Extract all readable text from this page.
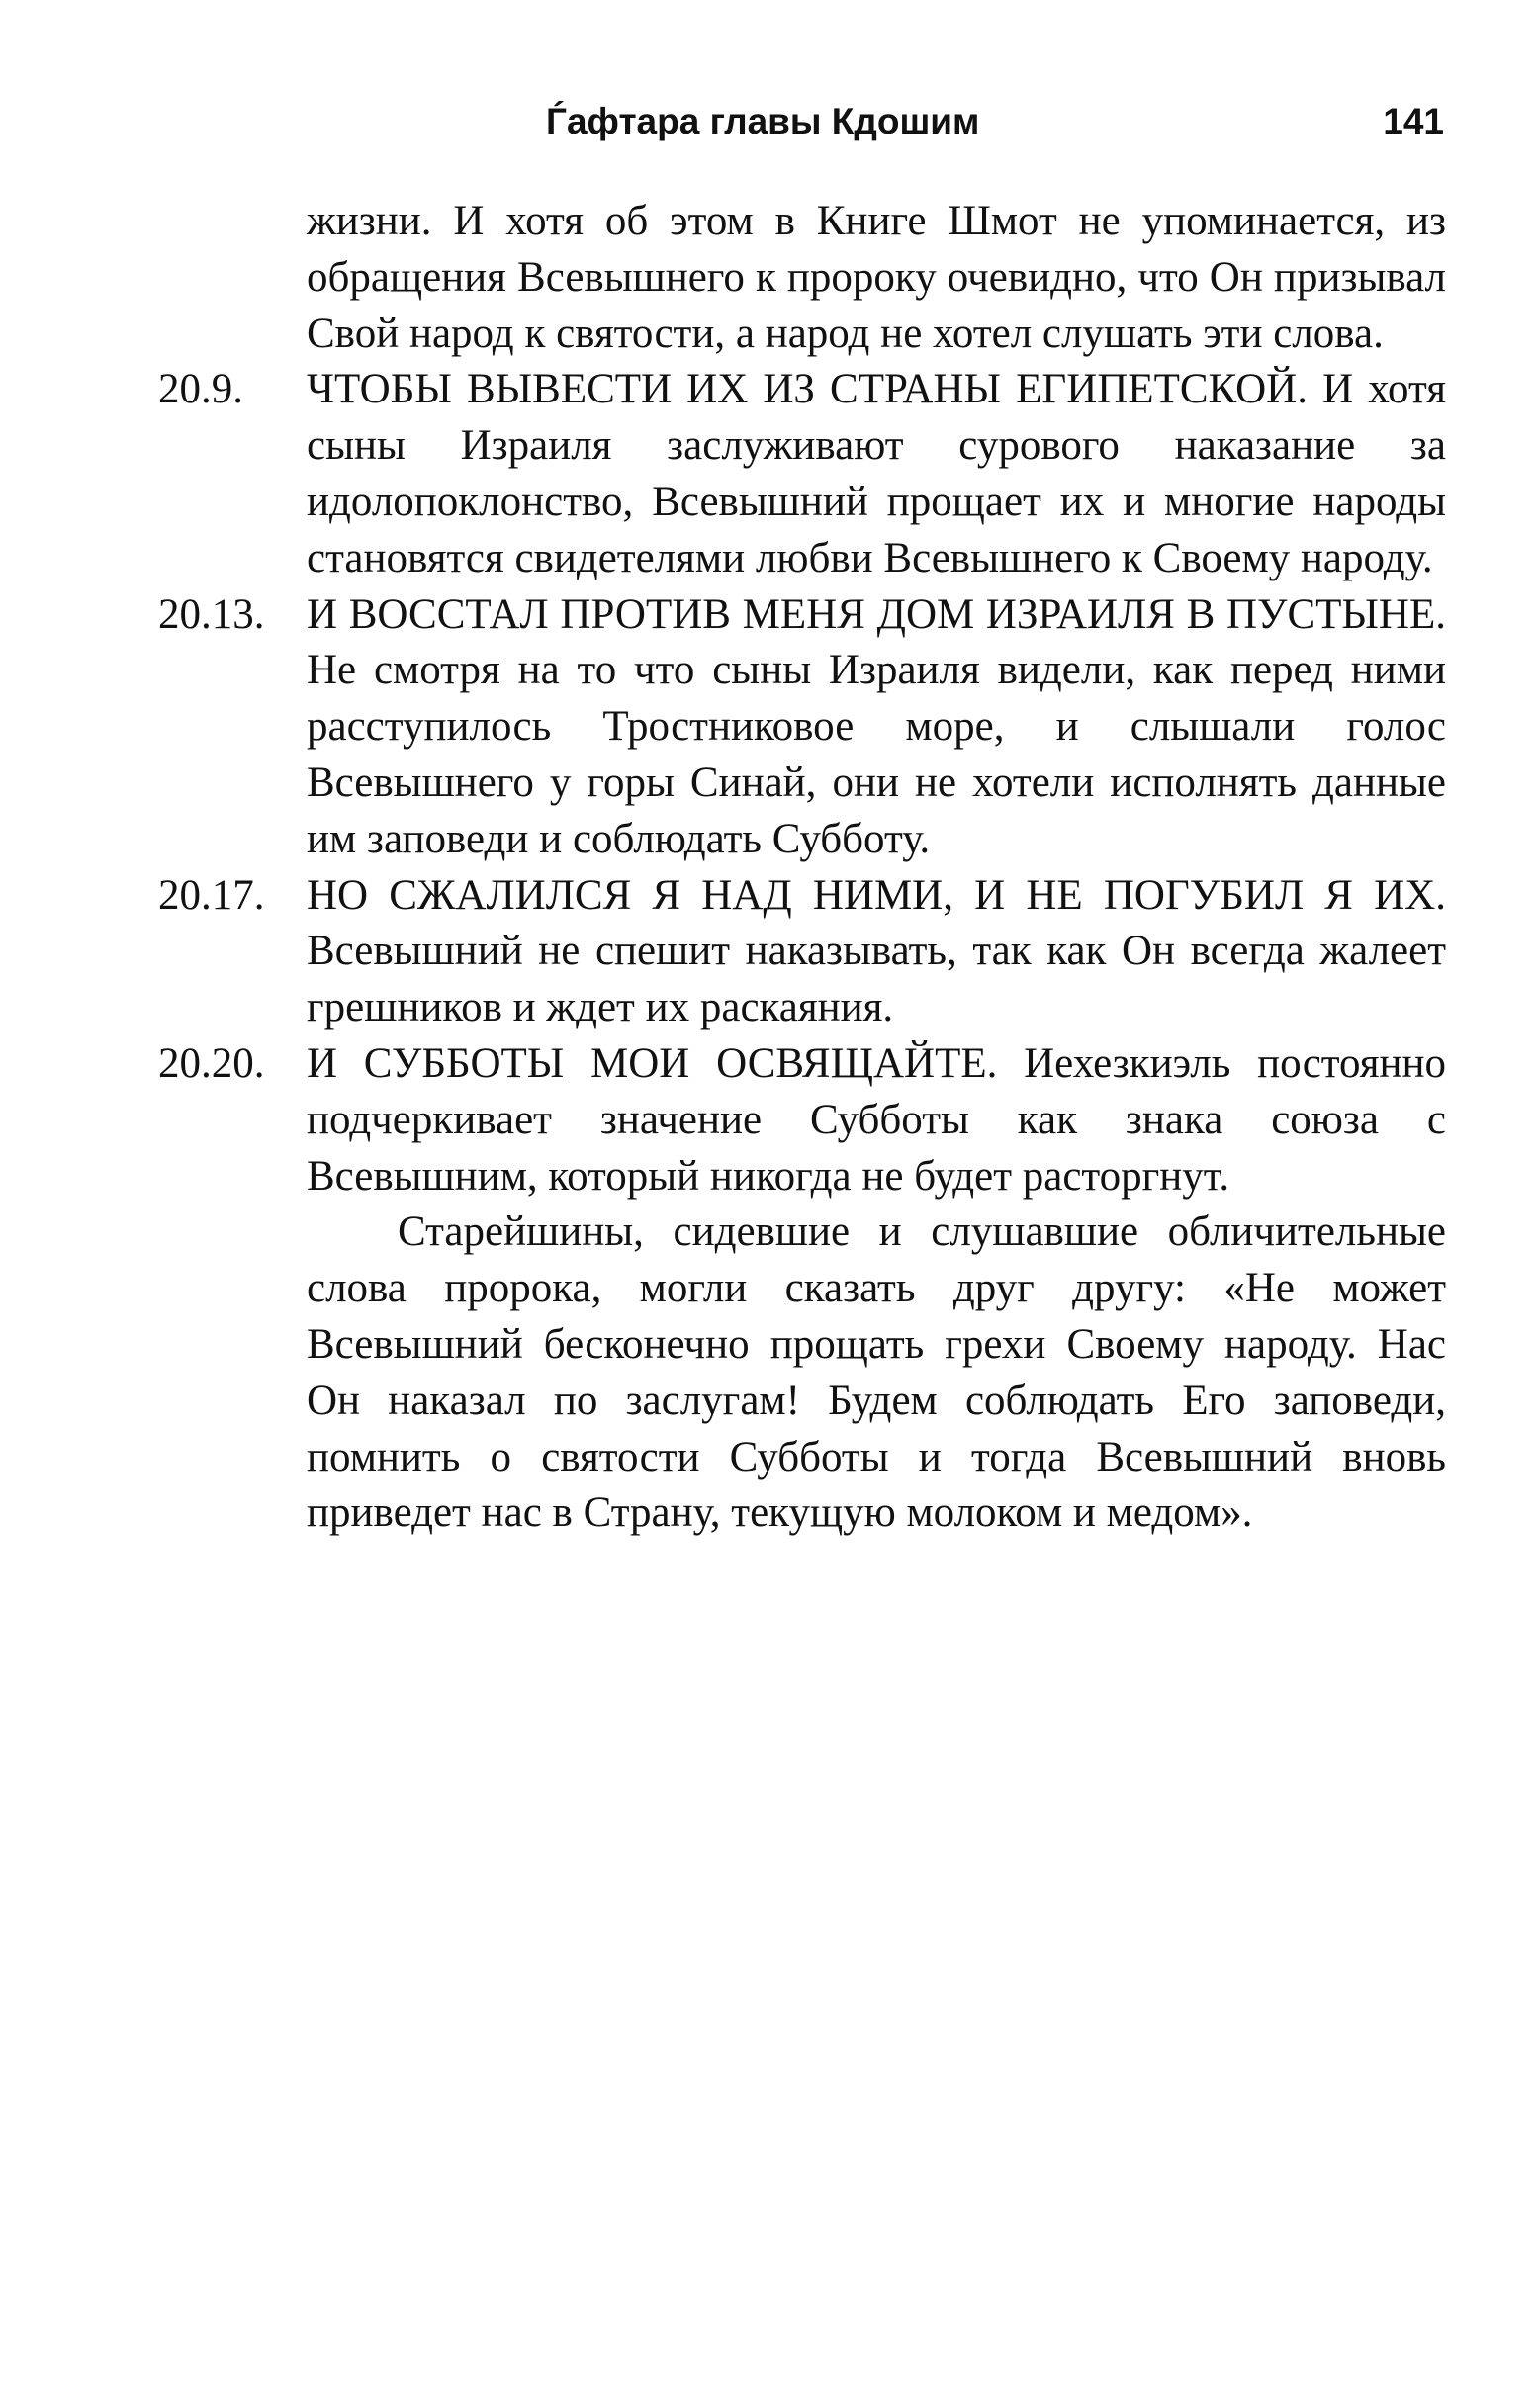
Ѓафтара главы Кдошим	141
жизни. И хотя об этом в Книге Шмот не упоминается, из обращения Всевышнего к пророку очевидно, что Он призывал Свой народ к святости, а народ не хотел слушать эти слова.
20.9.	ЧТОБЫ ВЫВЕСТИ ИХ ИЗ СТРАНЫ ЕГИПЕТСКОЙ. И хотя сыны Израиля заслуживают сурового наказание за идолопоклонство, Всевышний прощает их и многие народы становятся свидетелями любви Всевышнего к Своему народу.
20.13. И ВОССТАЛ ПРОТИВ МЕНЯ ДОМ ИЗРАИЛЯ В ПУСТЫНЕ. Не смотря на то что сыны Израиля видели, как перед ними расступилось Тростниковое море, и слышали голос Всевышнего у горы Синай, они не хотели исполнять данные им заповеди и соблюдать Субботу.
20.17. НО СЖАЛИЛСЯ Я НАД НИМИ, И НЕ ПОГУБИЛ Я ИХ. Всевышний не спешит наказывать, так как Он всегда жалеет грешников и ждет их раскаяния.
20.20. И СУББОТЫ МОИ ОСВЯЩАЙТЕ. Иехезкиэль постоянно подчеркивает значение Субботы как знака союза с Всевышним, который никогда не будет расторгнут.
Старейшины, сидевшие и слушавшие обличительные слова пророка, могли сказать друг другу: «Не может Всевышний бесконечно прощать грехи Своему народу. Нас Он наказал по заслугам! Будем соблюдать Его заповеди, помнить о святости Субботы и тогда Всевышний вновь приведет нас в Страну, текущую молоком и медом».
